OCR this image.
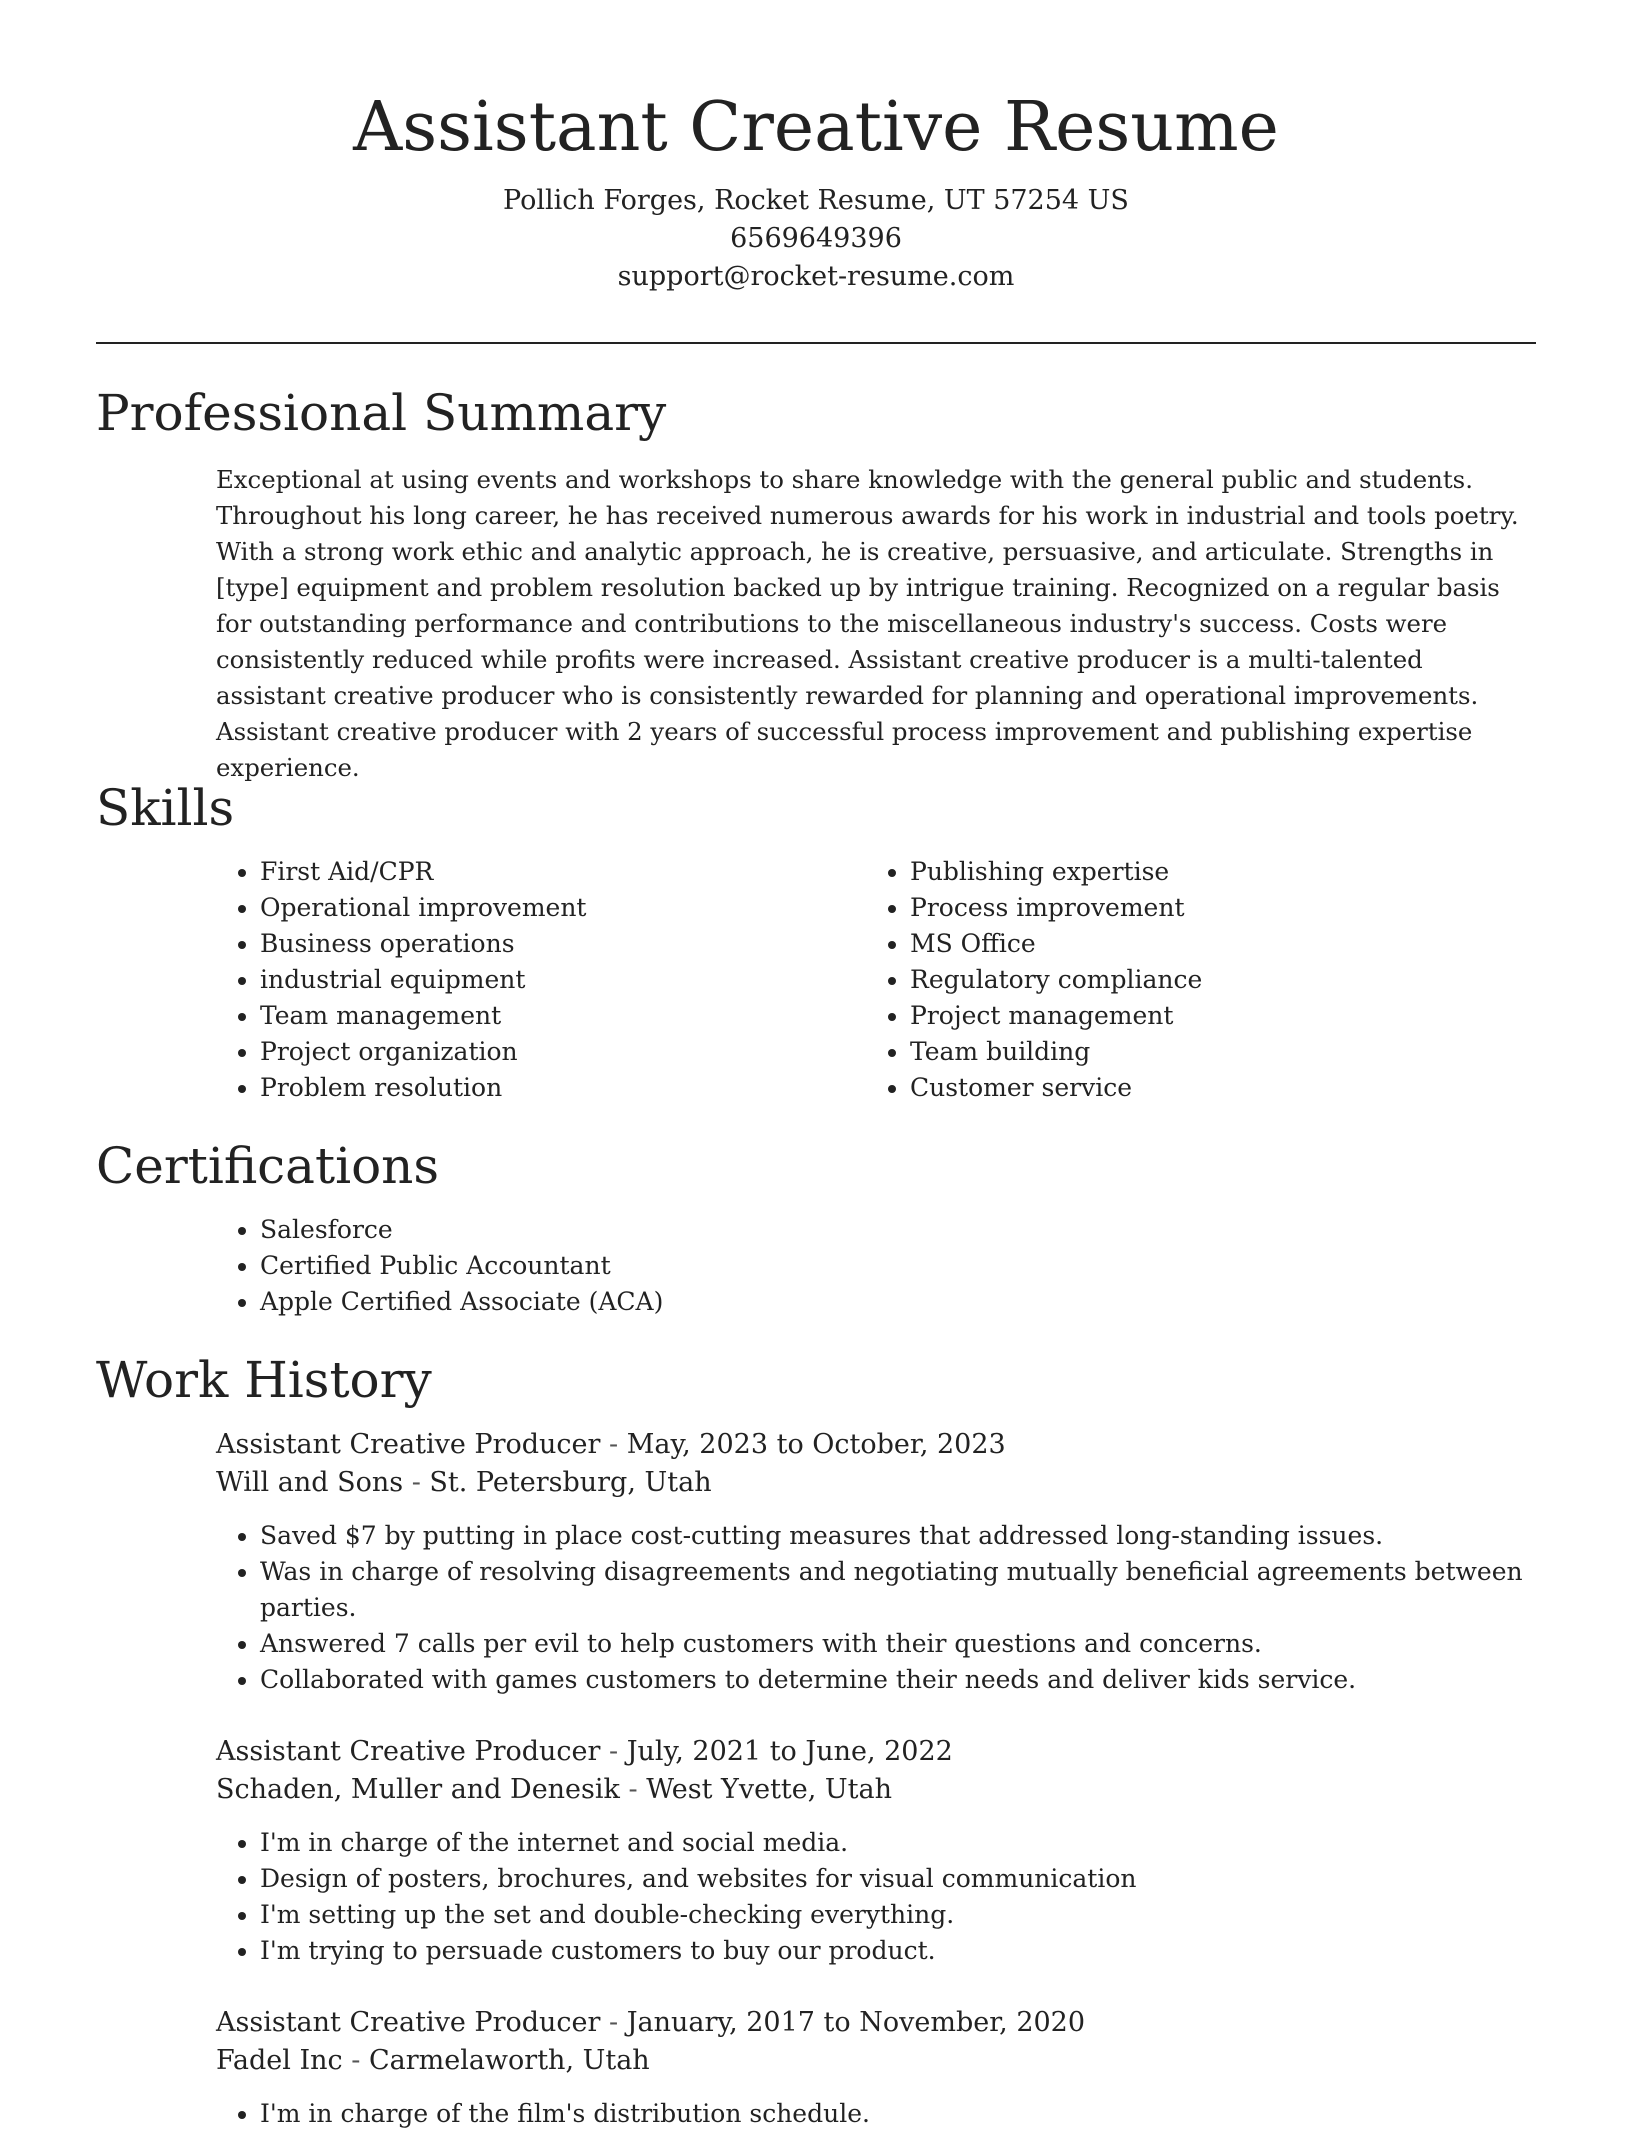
Assistant Creative Resume
Pollich Forges, Rocket Resume, UT 57254 US
6569649396
support@rocket-resume.com
Professional Summary
Exceptional at using events and workshops to share knowledge with the general public and students. Throughout his long career, he has received numerous awards for his work in industrial and tools poetry. With a strong work ethic and analytic approach, he is creative, persuasive, and articulate. Strengths in [type] equipment and problem resolution backed up by intrigue training. Recognized on a regular basis for outstanding performance and contributions to the miscellaneous industry's success. Costs were consistently reduced while profits were increased. Assistant creative producer is a multi-talented assistant creative producer who is consistently rewarded for planning and operational improvements. Assistant creative producer with 2 years of successful process improvement and publishing expertise experience.
Skills
• First Aid/CPR
• Operational improvement
• Business operations
• industrial equipment
• Team management
• Project organization
• Problem resolution
• Publishing expertise
• Process improvement
• MS Office
• Regulatory compliance
• Project management
• Team building
• Customer service
Certifications
• Salesforce
• Certified Public Accountant
• Apple Certified Associate (ACA)
Work History
Assistant Creative Producer - May, 2023 to October, 2023
Will and Sons - St. Petersburg, Utah
• Saved $7 by putting in place cost-cutting measures that addressed long-standing issues.
• Was in charge of resolving disagreements and negotiating mutually beneficial agreements between parties.
• Answered 7 calls per evil to help customers with their questions and concerns.
• Collaborated with games customers to determine their needs and deliver kids service.
Assistant Creative Producer - July, 2021 to June, 2022
Schaden, Muller and Denesik - West Yvette, Utah
• I'm in charge of the internet and social media.
• Design of posters, brochures, and websites for visual communication
• I'm setting up the set and double-checking everything.
• I'm trying to persuade customers to buy our product.
Assistant Creative Producer - January, 2017 to November, 2020
Fadel Inc - Carmelaworth, Utah
• I'm in charge of the film's distribution schedule.
